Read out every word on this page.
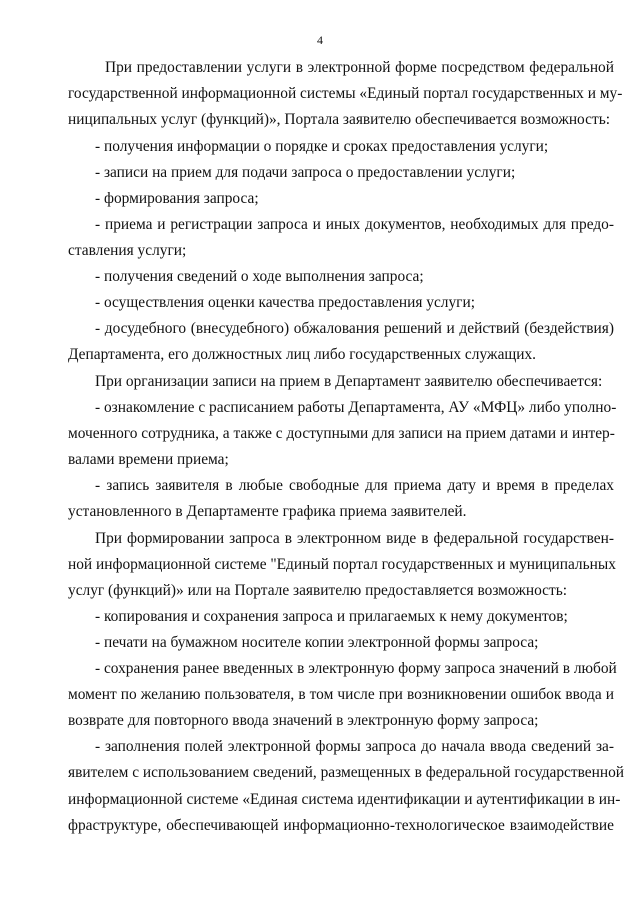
4
При предоставлении услуги в электронной форме посредством федеральной
государственной информационной системы «Единый портал государственных и му-
ниципальных услуг (функций)», Портала заявителю обеспечивается возможность:
- получения информации о порядке и сроках предоставления услуги;
- записи на прием для подачи запроса о предоставлении услуги;
- формирования запроса;
- приема и регистрации запроса и иных документов, необходимых для предо-
ставления услуги;
- получения сведений о ходе выполнения запроса;
- осуществления оценки качества предоставления услуги;
- досудебного (внесудебного) обжалования решений и действий (бездействия)
Департамента, его должностных лиц либо государственных служащих.
При организации записи на прием в Департамент заявителю обеспечивается:
- ознакомление с расписанием работы Департамента, АУ «МФЦ» либо уполно-
моченного сотрудника, а также с доступными для записи на прием датами и интер-
валами времени приема;
- запись заявителя в любые свободные для приема дату и время в пределах
установленного в Департаменте графика приема заявителей.
При формировании запроса в электронном виде в федеральной государствен-
ной информационной системе "Единый портал государственных и муниципальных
услуг (функций)» или на Портале заявителю предоставляется возможность:
- копирования и сохранения запроса и прилагаемых к нему документов;
- печати на бумажном носителе копии электронной формы запроса;
- сохранения ранее введенных в электронную форму запроса значений в любой
момент по желанию пользователя, в том числе при возникновении ошибок ввода и
возврате для повторного ввода значений в электронную форму запроса;
- заполнения полей электронной формы запроса до начала ввода сведений за-
явителем с использованием сведений, размещенных в федеральной государственной
информационной системе «Единая система идентификации и аутентификации в ин-
фраструктуре, обеспечивающей информационно-технологическое взаимодействие
